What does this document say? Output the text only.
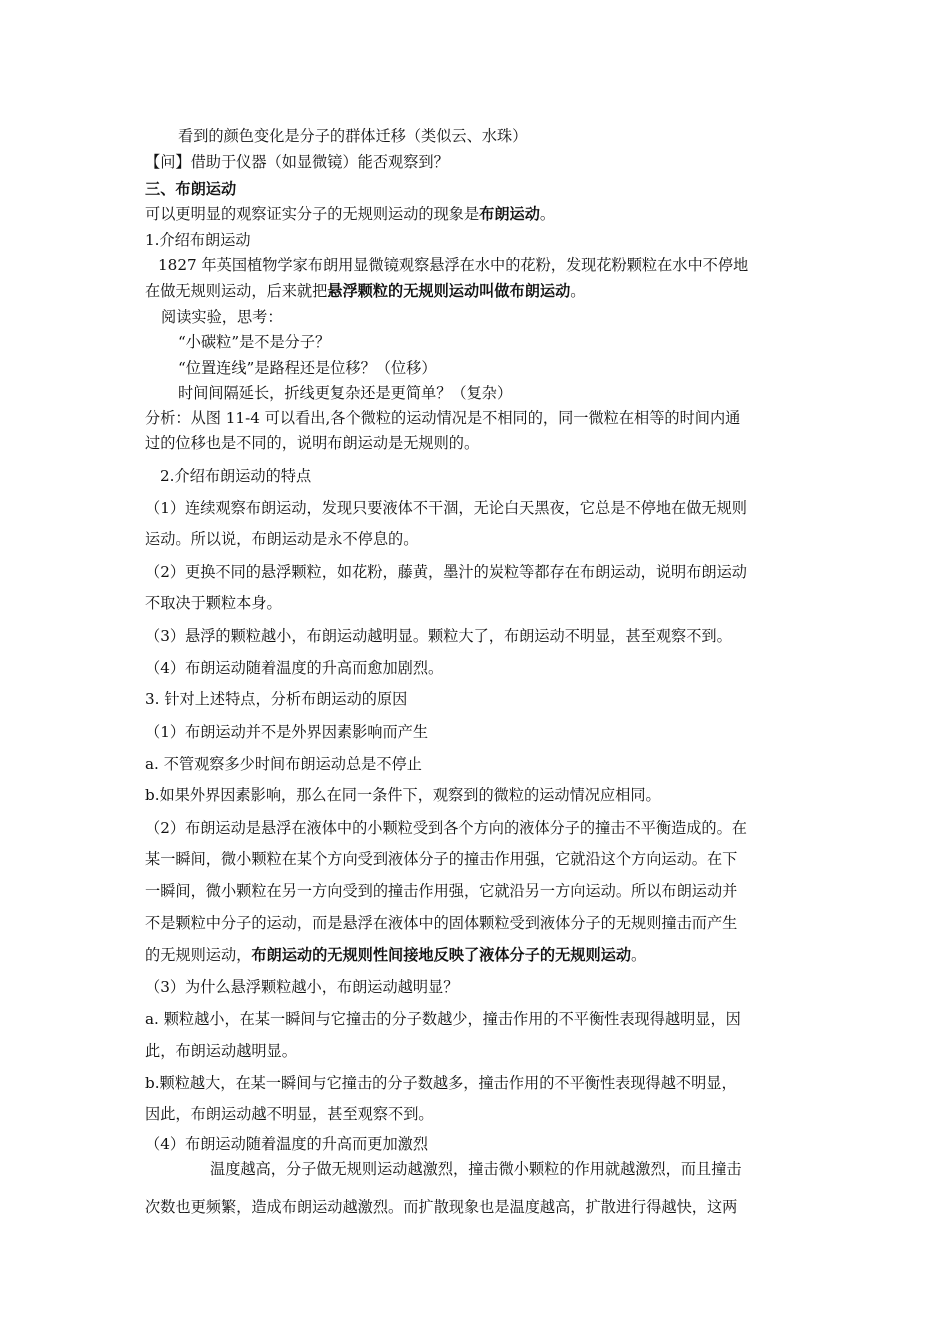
看到的颜色变化是分子的群体迁移（类似云、水珠）
【问】借助于仪器（如显微镜）能否观察到？
三、布朗运动
可以更明显的观察证实分子的无规则运动的现象是布朗运动。
1.介绍布朗运动
1827 年英国植物学家布朗用显微镜观察悬浮在水中的花粉，发现花粉颗粒在水中不停地
在做无规则运动，后来就把悬浮颗粒的无规则运动叫做布朗运动。
阅读实验，思考：
“小碳粒”是不是分子？
“位置连线”是路程还是位移？（位移）
时间间隔延长，折线更复杂还是更简单？（复杂）
分析：从图 11-4 可以看出,各个微粒的运动情况是不相同的，同一微粒在相等的时间内通
过的位移也是不同的，说明布朗运动是无规则的。
2.介绍布朗运动的特点
（1）连续观察布朗运动，发现只要液体不干涸，无论白天黑夜，它总是不停地在做无规则
运动。所以说，布朗运动是永不停息的。
（2）更换不同的悬浮颗粒，如花粉，藤黄，墨汁的炭粒等都存在布朗运动，说明布朗运动
不取决于颗粒本身。
（3）悬浮的颗粒越小，布朗运动越明显。颗粒大了，布朗运动不明显，甚至观察不到。
（4）布朗运动随着温度的升高而愈加剧烈。
3. 针对上述特点，分析布朗运动的原因
（1）布朗运动并不是外界因素影响而产生
a. 不管观察多少时间布朗运动总是不停止
b.如果外界因素影响，那么在同一条件下，观察到的微粒的运动情况应相同。
（2）布朗运动是悬浮在液体中的小颗粒受到各个方向的液体分子的撞击不平衡造成的。在
某一瞬间，微小颗粒在某个方向受到液体分子的撞击作用强，它就沿这个方向运动。在下
一瞬间，微小颗粒在另一方向受到的撞击作用强，它就沿另一方向运动。所以布朗运动并
不是颗粒中分子的运动，而是悬浮在液体中的固体颗粒受到液体分子的无规则撞击而产生
的无规则运动，布朗运动的无规则性间接地反映了液体分子的无规则运动。
（3）为什么悬浮颗粒越小，布朗运动越明显？
a. 颗粒越小，在某一瞬间与它撞击的分子数越少，撞击作用的不平衡性表现得越明显，因
此，布朗运动越明显。
b.颗粒越大，在某一瞬间与它撞击的分子数越多，撞击作用的不平衡性表现得越不明显，
因此，布朗运动越不明显，甚至观察不到。
（4）布朗运动随着温度的升高而更加激烈
温度越高，分子做无规则运动越激烈，撞击微小颗粒的作用就越激烈，而且撞击
次数也更频繁，造成布朗运动越激烈。而扩散现象也是温度越高，扩散进行得越快，这两
